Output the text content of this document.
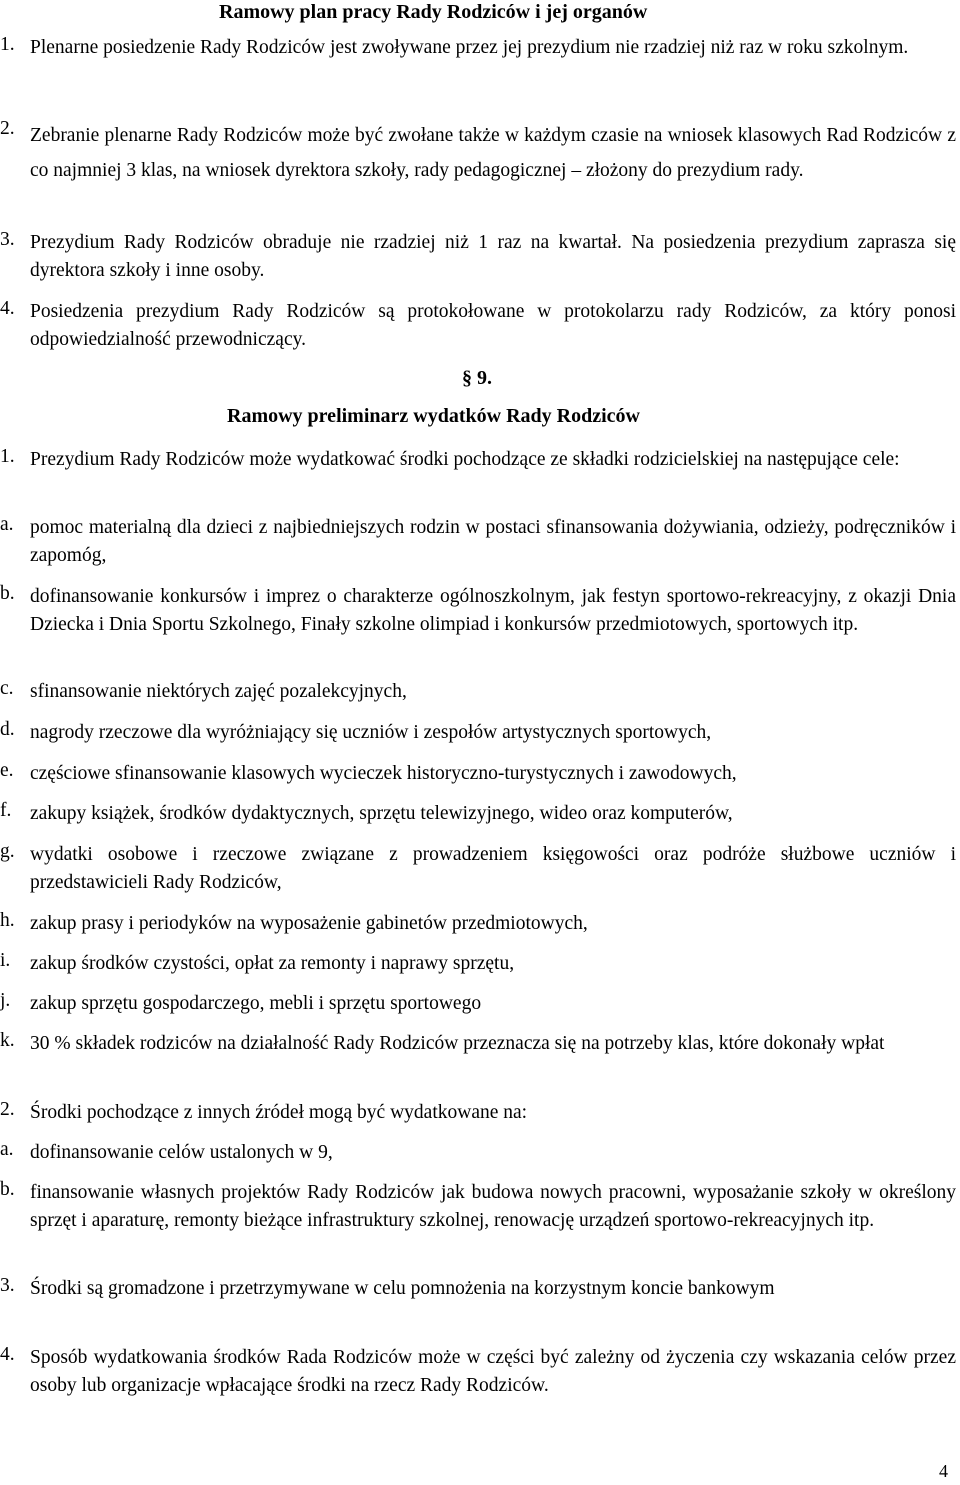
Ramowy plan pracy Rady Rodziców i jej organów
1. Plenarne posiedzenie Rady Rodziców jest zwoływane przez jej prezydium nie rzadziej niż raz w roku szkolnym.
2. Zebranie plenarne Rady Rodziców może być zwołane także w każdym czasie na wniosek klasowych Rad Rodziców z co najmniej 3 klas, na wniosek dyrektora szkoły, rady pedagogicznej – złożony do prezydium rady.
3. Prezydium Rady Rodziców obraduje nie rzadziej niż 1 raz na kwartał. Na posiedzenia prezydium zaprasza się dyrektora szkoły i inne osoby.
4. Posiedzenia prezydium Rady Rodziców są protokołowane w protokolarzu rady Rodziców, za który ponosi odpowiedzialność przewodniczący.
§ 9.
Ramowy preliminarz wydatków Rady Rodziców
1. Prezydium Rady Rodziców może wydatkować środki pochodzące ze składki rodzicielskiej na następujące cele:
a. pomoc materialną dla dzieci z najbiedniejszych rodzin w postaci sfinansowania dożywiania, odzieży, podręczników i zapomóg,
b. dofinansowanie konkursów i imprez o charakterze ogólnoszkolnym, jak festyn sportowo-rekreacyjny, z okazji Dnia Dziecka i Dnia Sportu Szkolnego, Finały szkolne olimpiad i konkursów przedmiotowych, sportowych itp.
c. sfinansowanie niektórych zajęć pozalekcyjnych,
d. nagrody rzeczowe dla wyróżniający się uczniów i zespołów artystycznych sportowych,
e. częściowe sfinansowanie klasowych wycieczek historyczno-turystycznych i zawodowych,
f. zakupy książek, środków dydaktycznych, sprzętu telewizyjnego, wideo oraz komputerów,
g. wydatki osobowe i rzeczowe związane z prowadzeniem księgowości oraz podróże służbowe uczniów i przedstawicieli Rady Rodziców,
h. zakup prasy i periodyków na wyposażenie gabinetów przedmiotowych,
i. zakup środków czystości, opłat za remonty i naprawy sprzętu,
j. zakup sprzętu gospodarczego, mebli i sprzętu sportowego
k. 30 % składek rodziców na działalność Rady Rodziców przeznacza się na potrzeby klas, które dokonały wpłat
2. Środki pochodzące z innych źródeł mogą być wydatkowane na:
a. dofinansowanie celów ustalonych w 9,
b. finansowanie własnych projektów Rady Rodziców jak budowa nowych pracowni, wyposażanie szkoły w określony sprzęt i aparaturę, remonty bieżące infrastruktury szkolnej, renowację urządzeń sportowo-rekreacyjnych itp.
3. Środki są gromadzone i przetrzymywane w celu pomnożenia na korzystnym koncie bankowym
4. Sposób wydatkowania środków Rada Rodziców może w części być zależny od życzenia czy wskazania celów przez osoby lub organizacje wpłacające środki na rzecz Rady Rodziców.
4
